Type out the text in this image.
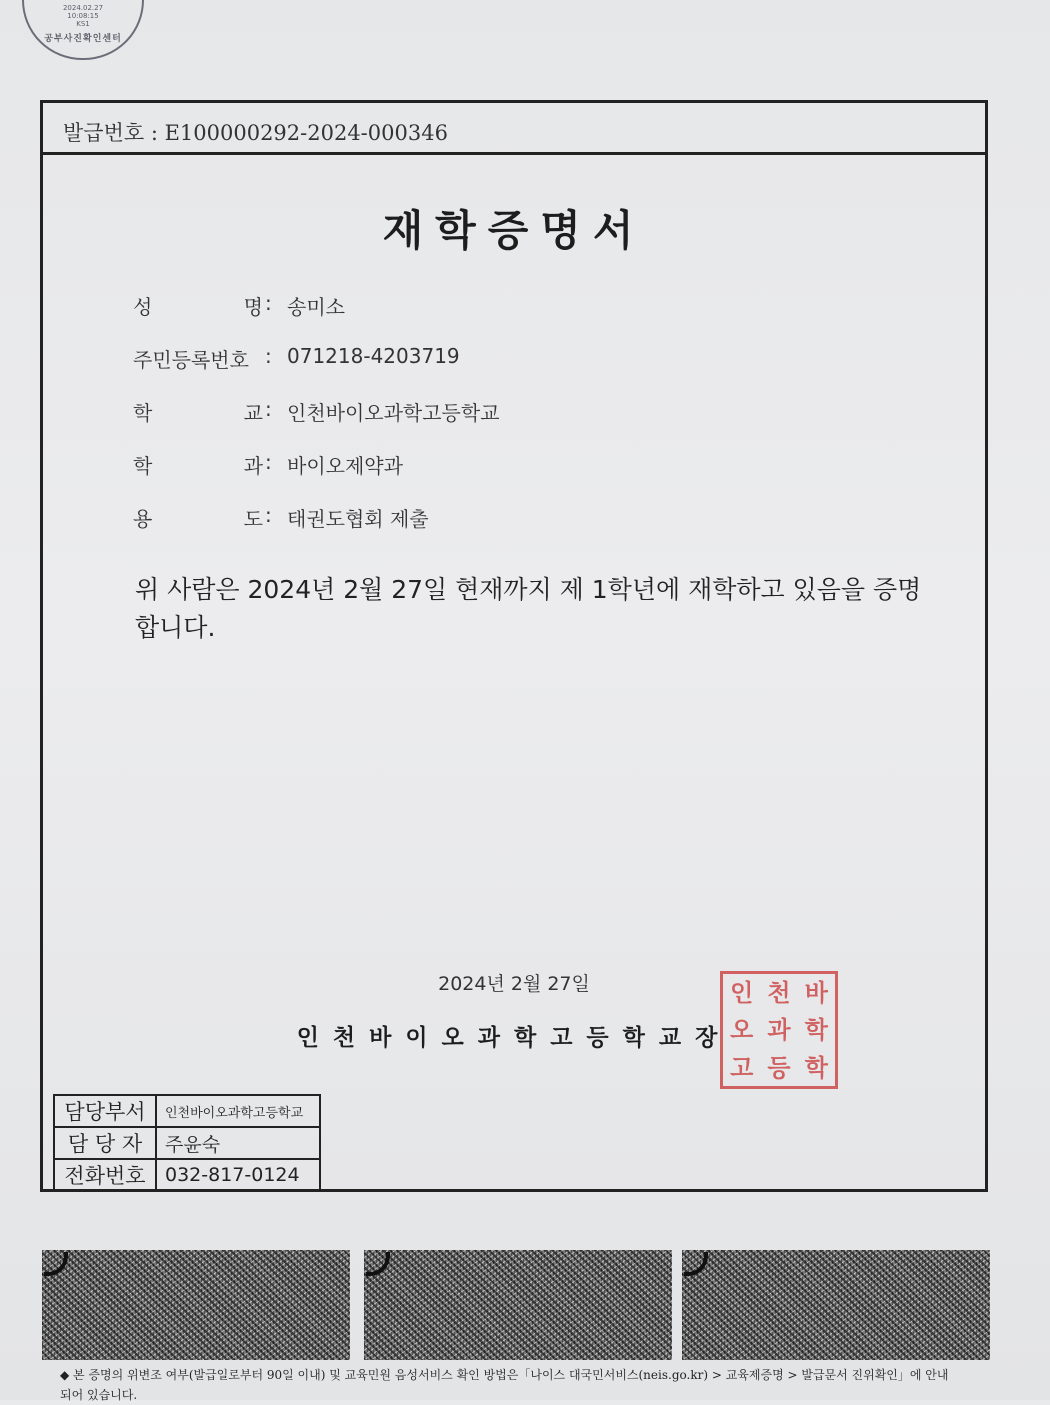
2024.02.27
10:08:15
KS1
공부사진확인센터
발급번호 : E100000292-2024-000346
재학증명서
성	명 : 송미소
주민등록번호 : 071218-4203719
학	교 : 인천바이오과학고등학교
학	과 : 바이오제약과
용	도 : 태권도협회 제출
위 사람은 2024년 2월 27일 현재까지 제 1학년에 재학하고 있음을 증명합니다.
2024년 2월 27일
인천바이오과학고등학교장
인 천 바
오 과 학
고 등 학
담당부서	인천바이오과학고등학교
담 당 자	주윤숙
전화번호	032-817-0124
◆ 본 증명의 위변조 여부(발급일로부터 90일 이내) 및 교육민원 음성서비스 확인 방법은「나이스 대국민서비스(neis.go.kr) > 교육제증명 > 발급문서 진위확인」에 안내되어 있습니다.
